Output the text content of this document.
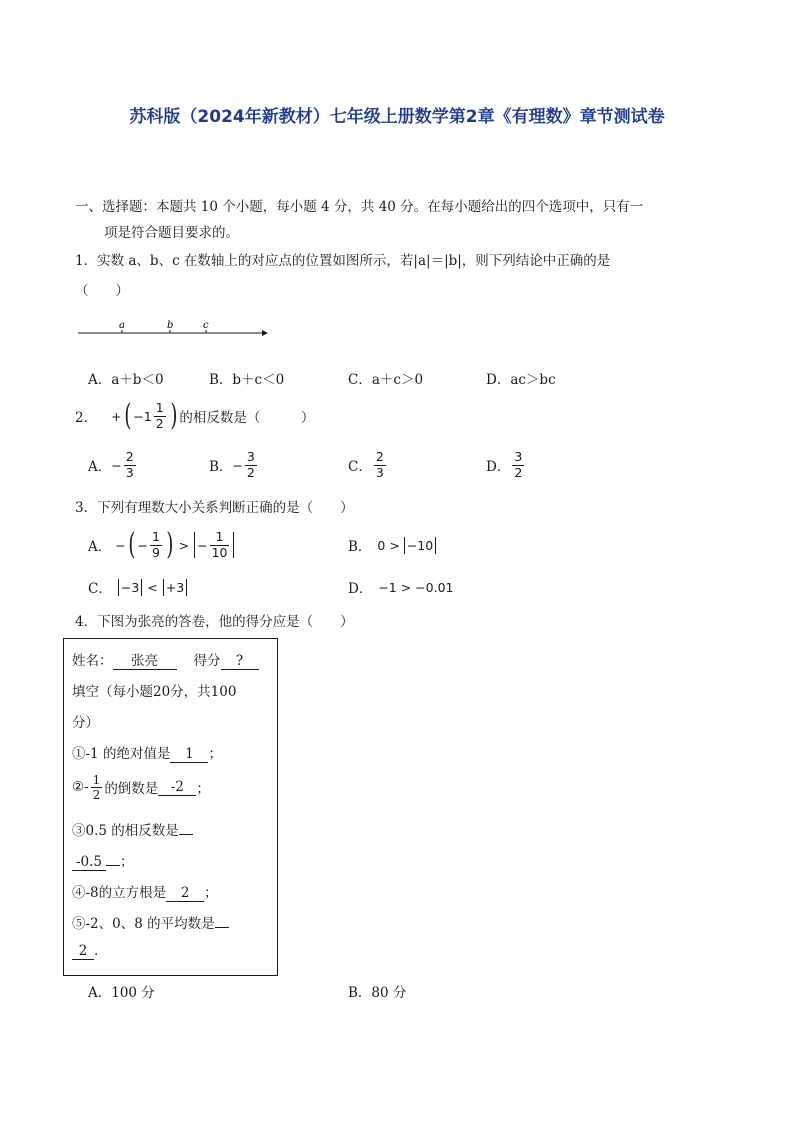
苏科版（2024年新教材）七年级上册数学第2章《有理数》章节测试卷
一、选择题：本题共 10 个小题，每小题 4 分，共 40 分。在每小题给出的四个选项中，只有一
项是符合题目要求的。
1．实数 a、b、c 在数轴上的对应点的位置如图所示，若|a|＝|b|，则下列结论中正确的是
（　　）
a	b	c
A．a＋b＜0	B．b＋c＜0	C．a＋c＞0	D．ac＞bc
2． + ( $-1 \frac{1}{2}$ ) 的相反数是（　　　）
A． − $\frac{2}{3}$	B． − $\frac{3}{2}$	C． $\frac{2}{3}$	D． $\frac{3}{2}$
3．下列有理数大小关系判断正确的是（　　）
A． − ( − $\frac{1}{9}$ ) > − $\frac{1}{10}$	B． 0 > −10
C． −3 < +3	D． −1 > −0.01
4．下图为张亮的答卷，他的得分应是（　　）
姓名： 张亮	得分 ?
填空（每小题20分，共100
分）
①-1 的绝对值是 1 ；
②- $\frac{1}{2}$ 的倒数是 -2 ；
③0.5 的相反数是
-0.5 ；
④-8的立方根是 2 ；
⑤-2、0、8 的平均数是
2 .
A．100 分	B．80 分
